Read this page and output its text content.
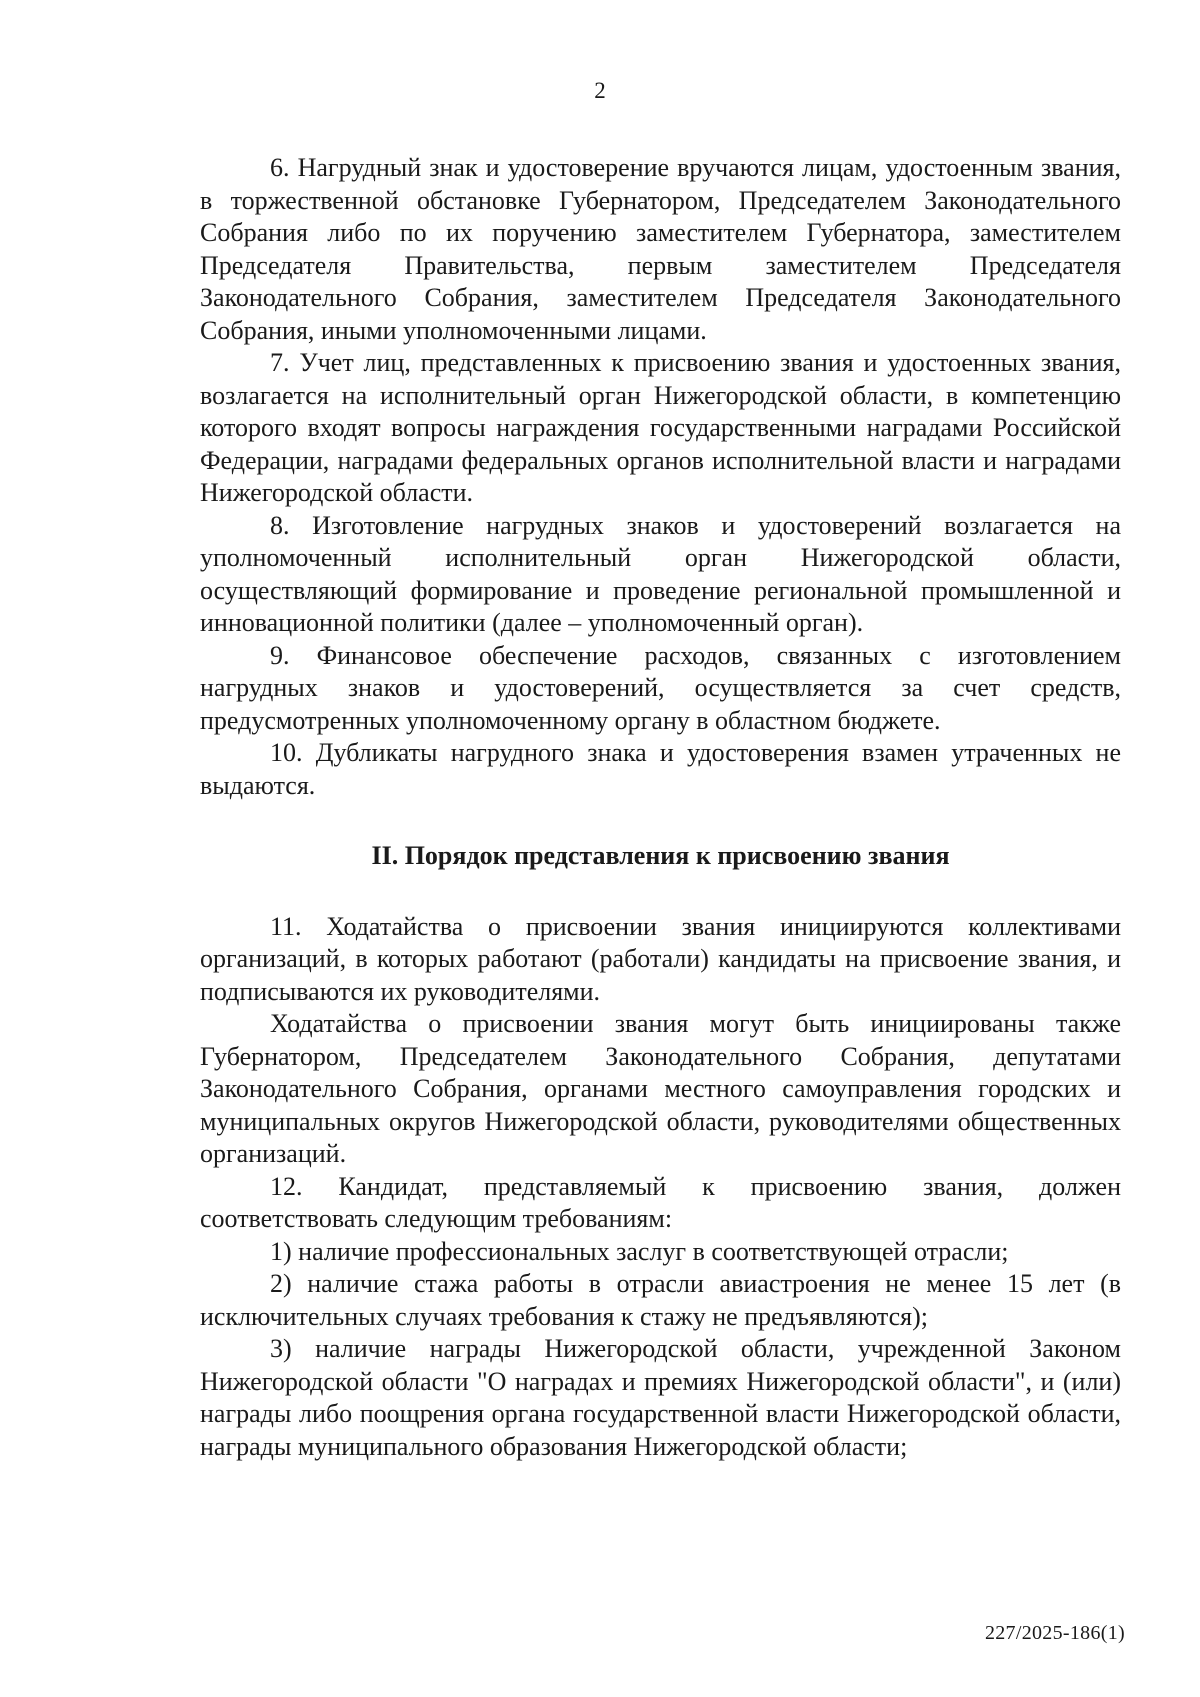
2

6. Нагрудный знак и удостоверение вручаются лицам, удостоенным звания, в торжественной обстановке Губернатором, Председателем Законодательного Собрания либо по их поручению заместителем Губернатора, заместителем Председателя Правительства, первым заместителем Председателя Законодательного Собрания, заместителем Председателя Законодательного Собрания, иными уполномоченными лицами.

7. Учет лиц, представленных к присвоению звания и удостоенных звания, возлагается на исполнительный орган Нижегородской области, в компетенцию которого входят вопросы награждения государственными наградами Российской Федерации, наградами федеральных органов исполнительной власти и наградами Нижегородской области.

8. Изготовление нагрудных знаков и удостоверений возлагается на уполномоченный исполнительный орган Нижегородской области, осуществляющий формирование и проведение региональной промышленной и инновационной политики (далее – уполномоченный орган).

9. Финансовое обеспечение расходов, связанных с изготовлением нагрудных знаков и удостоверений, осуществляется за счет средств, предусмотренных уполномоченному органу в областном бюджете.

10. Дубликаты нагрудного знака и удостоверения взамен утраченных не выдаются.

II. Порядок представления к присвоению звания

11. Ходатайства о присвоении звания инициируются коллективами организаций, в которых работают (работали) кандидаты на присвоение звания, и подписываются их руководителями.

Ходатайства о присвоении звания могут быть инициированы также Губернатором, Председателем Законодательного Собрания, депутатами Законодательного Собрания, органами местного самоуправления городских и муниципальных округов Нижегородской области, руководителями общественных организаций.

12. Кандидат, представляемый к присвоению звания, должен соответствовать следующим требованиям:

1) наличие профессиональных заслуг в соответствующей отрасли;

2) наличие стажа работы в отрасли авиастроения не менее 15 лет (в исключительных случаях требования к стажу не предъявляются);

3) наличие награды Нижегородской области, учрежденной Законом Нижегородской области "О наградах и премиях Нижегородской области", и (или) награды либо поощрения органа государственной власти Нижегородской области, награды муниципального образования Нижегородской области;

227/2025-186(1)
